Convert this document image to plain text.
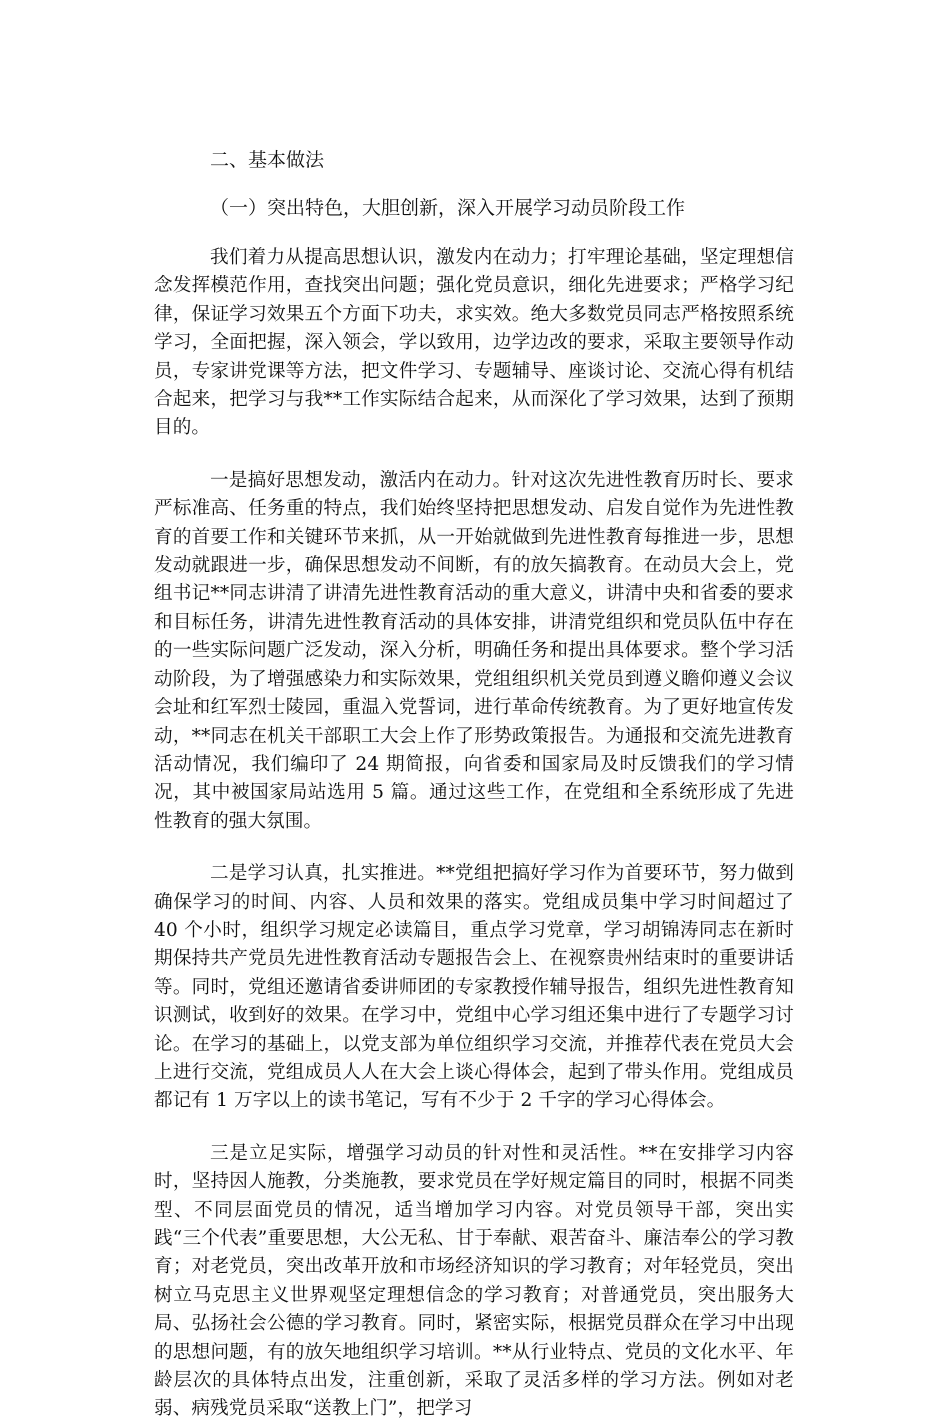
二、基本做法

（一）突出特色，大胆创新，深入开展学习动员阶段工作

我们着力从提高思想认识，激发内在动力；打牢理论基础，坚定理想信念发挥模范作用，查找突出问题；强化党员意识，细化先进要求；严格学习纪律，保证学习效果五个方面下功夫，求实效。绝大多数党员同志严格按照系统学习，全面把握，深入领会，学以致用，边学边改的要求，采取主要领导作动员，专家讲党课等方法，把文件学习、专题辅导、座谈讨论、交流心得有机结合起来，把学习与我**工作实际结合起来，从而深化了学习效果，达到了预期目的。

一是搞好思想发动，激活内在动力。针对这次先进性教育历时长、要求严标准高、任务重的特点，我们始终坚持把思想发动、启发自觉作为先进性教育的首要工作和关键环节来抓，从一开始就做到先进性教育每推进一步，思想发动就跟进一步，确保思想发动不间断，有的放矢搞教育。在动员大会上，党组书记**同志讲清了讲清先进性教育活动的重大意义，讲清中央和省委的要求和目标任务，讲清先进性教育活动的具体安排，讲清党组织和党员队伍中存在的一些实际问题广泛发动，深入分析，明确任务和提出具体要求。整个学习活动阶段，为了增强感染力和实际效果，党组组织机关党员到遵义瞻仰遵义会议会址和红军烈士陵园，重温入党誓词，进行革命传统教育。为了更好地宣传发动，**同志在机关干部职工大会上作了形势政策报告。为通报和交流先进教育活动情况，我们编印了 24 期简报，向省委和国家局及时反馈我们的学习情况，其中被国家局站选用 5 篇。通过这些工作，在党组和全系统形成了先进性教育的强大氛围。

二是学习认真，扎实推进。**党组把搞好学习作为首要环节，努力做到确保学习的时间、内容、人员和效果的落实。党组成员集中学习时间超过了 40 个小时，组织学习规定必读篇目，重点学习党章，学习胡锦涛同志在新时期保持共产党员先进性教育活动专题报告会上、在视察贵州结束时的重要讲话等。同时，党组还邀请省委讲师团的专家教授作辅导报告，组织先进性教育知识测试，收到好的效果。在学习中，党组中心学习组还集中进行了专题学习讨论。在学习的基础上，以党支部为单位组织学习交流，并推荐代表在党员大会上进行交流，党组成员人人在大会上谈心得体会，起到了带头作用。党组成员都记有 1 万字以上的读书笔记，写有不少于 2 千字的学习心得体会。

三是立足实际，增强学习动员的针对性和灵活性。**在安排学习内容时，坚持因人施教，分类施教，要求党员在学好规定篇目的同时，根据不同类型、不同层面党员的情况，适当增加学习内容。对党员领导干部，突出实践“三个代表”重要思想，大公无私、甘于奉献、艰苦奋斗、廉洁奉公的学习教育；对老党员，突出改革开放和市场经济知识的学习教育；对年轻党员，突出树立马克思主义世界观坚定理想信念的学习教育；对普通党员，突出服务大局、弘扬社会公德的学习教育。同时，紧密实际，根据党员群众在学习中出现的思想问题，有的放矢地组织学习培训。**从行业特点、党员的文化水平、年龄层次的具体特点出发，注重创新，采取了灵活多样的学习方法。例如对老弱、病残党员采取“送教上门”，把学习
